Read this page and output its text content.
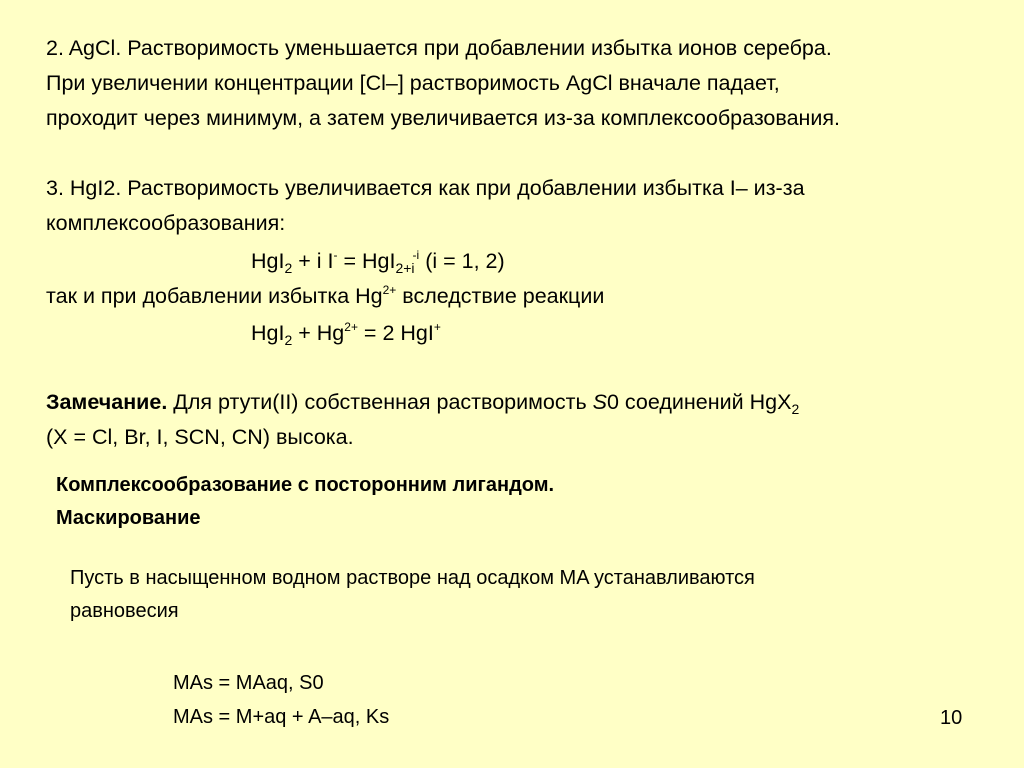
2. AgCl. Растворимость уменьшается при добавлении избытка ионов серебра.
При увеличении концентрации [Cl–] растворимость AgCl вначале падает,
проходит через минимум, а затем увеличивается из-за комплексообразования.
3. HgI2. Растворимость увеличивается как при добавлении избытка I– из-за
комплексообразования:
HgI$_2$ + i I- = HgI$_{2+i}^{-i}$ (i = 1, 2)
так и при добавлении избытка $Hg^{2+}$ вследствие реакции
$HgI_2 + Hg^{2+} = 2$ HgI+
Замечание. Для ртути(II) собственная растворимость S0 соединений HgX$_2$
(X = Cl, Br, I, SCN, CN) высока.
Комплексообразование с посторонним лигандом.
Маскирование
Пусть в насыщенном водном растворе над осадком MA устанавливаются
равновесия
MAs = MAaq, S0
MAs = M+aq + A–aq, Ks	10
